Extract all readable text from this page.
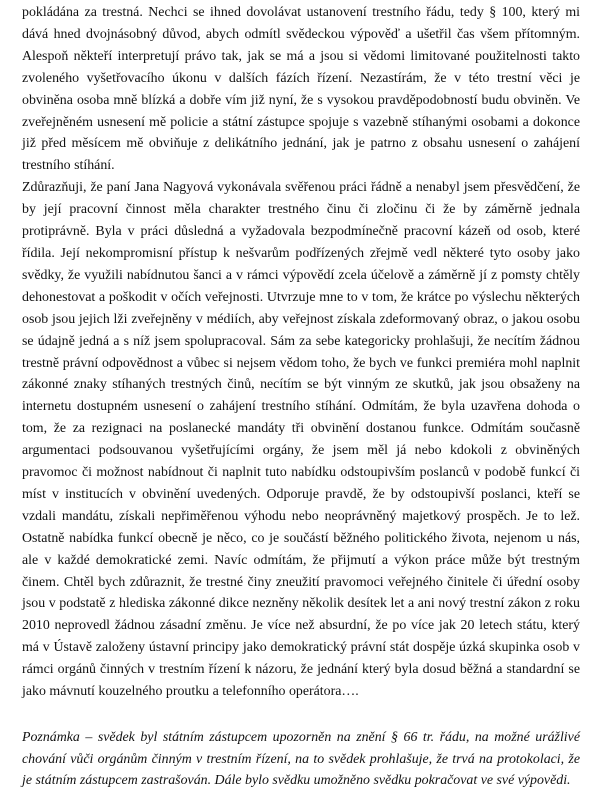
pokládána za trestná. Nechci se ihned dovolávat ustanovení trestního řádu, tedy § 100, který mi dává hned dvojnásobný důvod, abych odmítl svědeckou výpověď a ušetřil čas všem přítomným. Alespoň někteří interpretují právo tak, jak se má a jsou si vědomi limitované použitelnosti takto zvoleného vyšetřovacího úkonu v dalších fázích řízení. Nezastírám, že v této trestní věci je obviněna osoba mně blízká a dobře vím již nyní, že s vysokou pravděpodobností budu obviněn. Ve zveřejněném usnesení mě policie a státní zástupce spojuje s vazebně stíhanými osobami a dokonce již před měsícem mě obviňuje z delikátního jednání, jak je patrno z obsahu usnesení o zahájení trestního stíhání.

Zdůrazňuji, že paní Jana Nagyová vykonávala svěřenou práci řádně a nenabyl jsem přesvědčení, že by její pracovní činnost měla charakter trestného činu či zločinu či že by záměrně jednala protiprávně. Byla v práci důsledná a vyžadovala bezpodmínečně pracovní kázeň od osob, které řídila. Její nekompromisní přístup k nešvarům podřízených zřejmě vedl některé tyto osoby jako svědky, že využili nabídnutou šanci a v rámci výpovědí zcela účelově a záměrně jí z pomsty chtěly dehonestovat a poškodit v očích veřejnosti. Utvrzuje mne to v tom, že krátce po výslechu některých osob jsou jejich lži zveřejněny v médiích, aby veřejnost získala zdeformovaný obraz, o jakou osobu se údajně jedná a s níž jsem spolupracoval. Sám za sebe kategoricky prohlašuji, že necítím žádnou trestně právní odpovědnost a vůbec si nejsem vědom toho, že bych ve funkci premiéra mohl naplnit zákonné znaky stíhaných trestných činů, necítím se být vinným ze skutků, jak jsou obsaženy na internetu dostupném usnesení o zahájení trestního stíhání. Odmítám, že byla uzavřena dohoda o tom, že za rezignaci na poslanecké mandáty tři obvinění dostanou funkce. Odmítám současně argumentaci podsouvanou vyšetřujícími orgány, že jsem měl já nebo kdokoli z obviněných pravomoc či možnost nabídnout či naplnit tuto nabídku odstoupivším poslanců v podobě funkcí či míst v institucích v obvinění uvedených. Odporuje pravdě, že by odstoupivší poslanci, kteří se vzdali mandátu, získali nepřiměřenou výhodu nebo neoprávněný majetkový prospěch. Je to lež. Ostatně nabídka funkcí obecně je něco, co je součástí běžného politického života, nejenom u nás, ale v každé demokratické zemi. Navíc odmítám, že přijmutí a výkon práce může být trestným činem. Chtěl bych zdůraznit, že trestné činy zneužití pravomoci veřejného činitele či úřední osoby jsou v podstatě z hlediska zákonné dikce nezněny několik desítek let a ani nový trestní zákon z roku 2010 neprovedl žádnou zásadní změnu. Je více než absurdní, že po více jak 20 letech státu, který má v Ústavě založeny ústavní principy jako demokratický právní stát dospěje úzká skupinka osob v rámci orgánů činných v trestním řízení k názoru, že jednání který byla dosud běžná a standardní se jako mávnutí kouzelného proutku a telefonního operátora….

Poznámka – svědek byl státním zástupcem upozorněn na znění § 66 tr. řádu, na možné urážlivé chování vůči orgánům činným v trestním řízení, na to svědek prohlašuje, že trvá na protokolaci, že je státním zástupcem zastrašován. Dále bylo svědku umožněno svědku pokračovat ve své výpovědi.
